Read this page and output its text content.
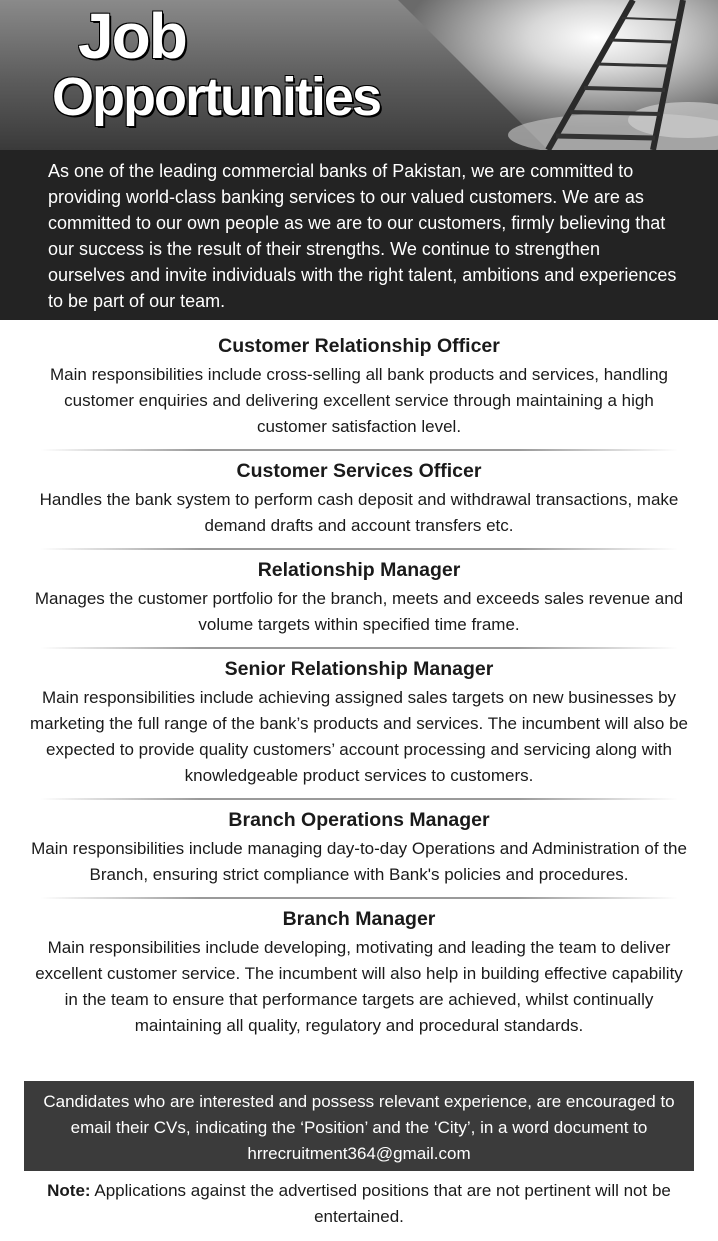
Job
Opportunities

As one of the leading commercial banks of Pakistan, we are committed to providing world-class banking services to our valued customers. We are as committed to our own people as we are to our customers, firmly believing that our success is the result of their strengths. We continue to strengthen ourselves and invite individuals with the right talent, ambitions and experiences to be part of our team.

Customer Relationship Officer

Main responsibilities include cross-selling all bank products and services, handling customer enquiries and delivering excellent service through maintaining a high customer satisfaction level.

Customer Services Officer

Handles the bank system to perform cash deposit and withdrawal transactions, make demand drafts and account transfers etc.

Relationship Manager

Manages the customer portfolio for the branch, meets and exceeds sales revenue and volume targets within specified time frame.

Senior Relationship Manager

Main responsibilities include achieving assigned sales targets on new businesses by marketing the full range of the bank’s products and services. The incumbent will also be expected to provide quality customers’ account processing and servicing along with knowledgeable product services to customers.

Branch Operations Manager

Main responsibilities include managing day-to-day Operations and Administration of the Branch, ensuring strict compliance with Bank's policies and procedures.

Branch Manager

Main responsibilities include developing, motivating and leading the team to deliver excellent customer service. The incumbent will also help in building effective capability in the team to ensure that performance targets are achieved, whilst continually maintaining all quality, regulatory and procedural standards.

Candidates who are interested and possess relevant experience, are encouraged to email their CVs, indicating the ‘Position’ and the ‘City’, in a word document to

hrrecruitment364@gmail.com

Note: Applications against the advertised positions that are not pertinent will not be entertained.
